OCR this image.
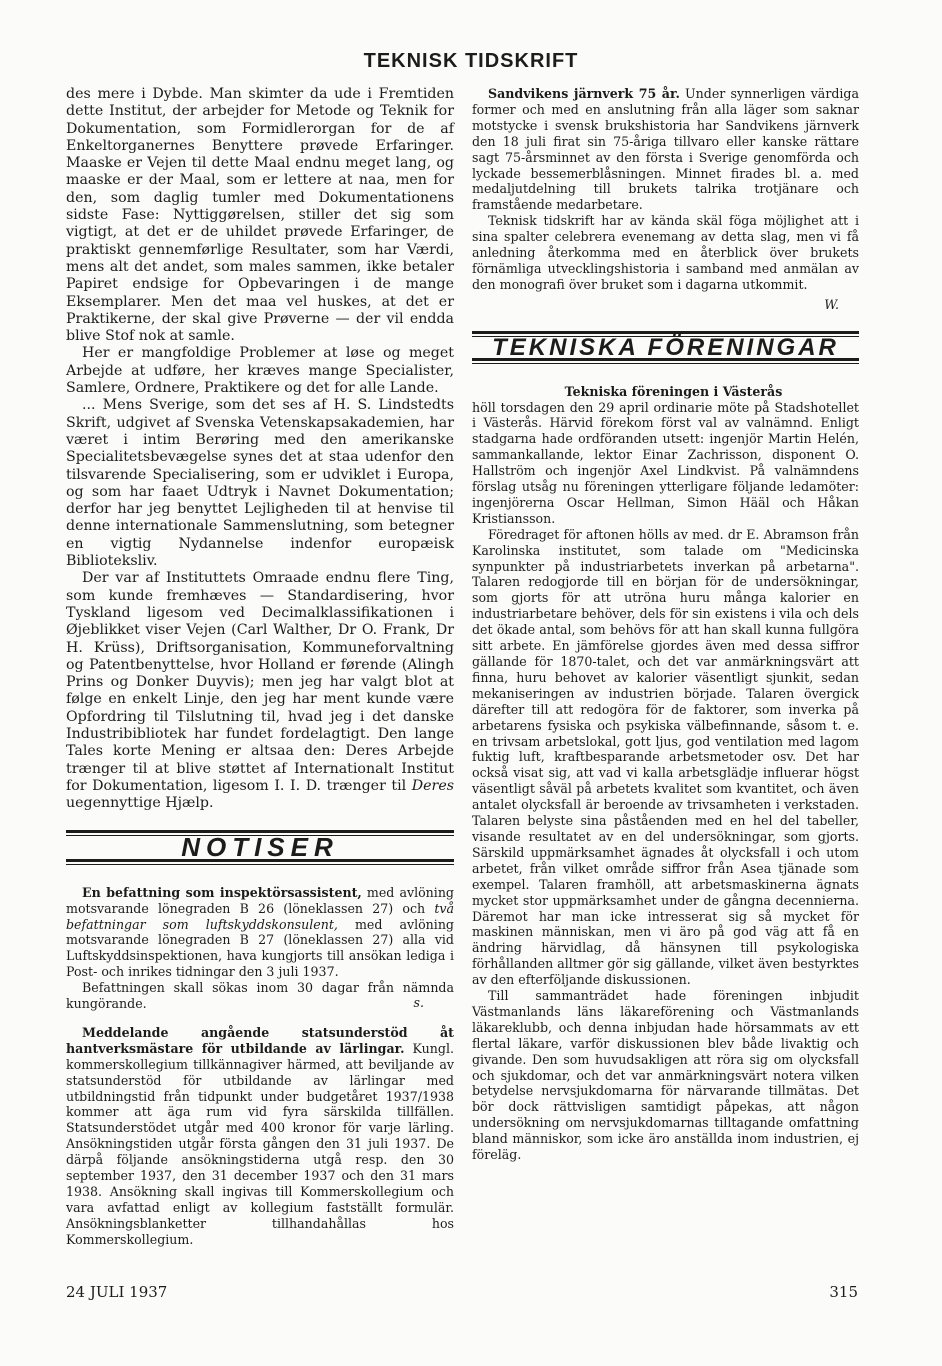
TEKNISK TIDSKRIFT

des mere i Dybde. Man skimter da ude i Fremtiden dette Institut, der arbejder for Metode og Teknik for Dokumentation, som Formidlerorgan for de af Enkeltorganernes Benyttere prøvede Erfaringer. Maaske er Vejen til dette Maal endnu meget lang, og maaske er der Maal, som er lettere at naa, men for den, som daglig tumler med Dokumentationens sidste Fase: Nyttiggørelsen, stiller det sig som vigtigt, at det er de uhildet prøvede Erfaringer, de praktiskt gennemførlige Resultater, som har Værdi, mens alt det andet, som males sammen, ikke betaler Papiret endsige for Opbevaringen i de mange Eksemplarer. Men det maa vel huskes, at det er Praktikerne, der skal give Prøverne — der vil endda blive Stof nok at samle.

Her er mangfoldige Problemer at løse og meget Arbejde at udføre, her kræves mange Specialister, Samlere, Ordnere, Praktikere og det for alle Lande.

... Mens Sverige, som det ses af H. S. Lindstedts Skrift, udgivet af Svenska Vetenskapsakademien, har været i intim Berøring med den amerikanske Specialitetsbevægelse synes det at staa udenfor den tilsvarende Specialisering, som er udviklet i Europa, og som har faaet Udtryk i Navnet Dokumentation; derfor har jeg benyttet Lejligheden til at henvise til denne internationale Sammenslutning, som betegner en vigtig Nydannelse indenfor europæisk Biblioteksliv.

Der var af Instituttets Omraade endnu flere Ting, som kunde fremhæves — Standardisering, hvor Tyskland ligesom ved Decimalklassifikationen i Øjeblikket viser Vejen (Carl Walther, Dr O. Frank, Dr H. Krüss), Driftsorganisation, Kommuneforvaltning og Patentbenyttelse, hvor Holland er førende (Alingh Prins og Donker Duyvis); men jeg har valgt blot at følge en enkelt Linje, den jeg har ment kunde være Opfordring til Tilslutning til, hvad jeg i det danske Industribibliotek har fundet fordelagtigt. Den lange Tales korte Mening er altsaa den: Deres Arbejde trænger til at blive støttet af Internationalt Institut for Dokumentation, ligesom I. I. D. trænger til Deres uegennyttige Hjælp.

NOTISER

En befattning som inspektörsassistent, med avlöning motsvarande lönegraden B 26 (löneklassen 27) och två befattningar som luftskyddskonsulent, med avlöning motsvarande lönegraden B 27 (löneklassen 27) alla vid Luftskyddsinspektionen, hava kungjorts till ansökan lediga i Post- och inrikes tidningar den 3 juli 1937.

Befattningen skall sökas inom 30 dagar från nämnda kungörande.	s.

Meddelande angående statsunderstöd åt hantverksmästare för utbildande av lärlingar. Kungl. kommerskollegium tillkännagiver härmed, att beviljande av statsunderstöd för utbildande av lärlingar med utbildningstid från tidpunkt under budgetåret 1937/1938 kommer att äga rum vid fyra särskilda tillfällen. Statsunderstödet utgår med 400 kronor för varje lärling. Ansökningstiden utgår första gången den 31 juli 1937. De därpå följande ansökningstiderna utgå resp. den 30 september 1937, den 31 december 1937 och den 31 mars 1938. Ansökning skall ingivas till Kommerskollegium och vara avfattad enligt av kollegium fastställt formulär. Ansökningsblanketter tillhandahållas hos Kommerskollegium.

Sandvikens järnverk 75 år. Under synnerligen värdiga former och med en anslutning från alla läger som saknar motstycke i svensk brukshistoria har Sandvikens järnverk den 18 juli firat sin 75-åriga tillvaro eller kanske rättare sagt 75-årsminnet av den första i Sverige genomförda och lyckade bessemerblåsningen. Minnet firades bl. a. med medaljutdelning till brukets talrika trotjänare och framstående medarbetare.

Teknisk tidskrift har av kända skäl föga möjlighet att i sina spalter celebrera evenemang av detta slag, men vi få anledning återkomma med en återblick över brukets förnämliga utvecklingshistoria i samband med anmälan av den monografi över bruket som i dagarna utkommit.

W.

TEKNISKA FÖRENINGAR

Tekniska föreningen i Västerås

höll torsdagen den 29 april ordinarie möte på Stadshotellet i Västerås. Härvid förekom först val av valnämnd. Enligt stadgarna hade ordföranden utsett: ingenjör Martin Helén, sammankallande, lektor Einar Zachrisson, disponent O. Hallström och ingenjör Axel Lindkvist. På valnämndens förslag utsåg nu föreningen ytterligare följande ledamöter: ingenjörerna Oscar Hellman, Simon Hääl och Håkan Kristiansson.

Föredraget för aftonen hölls av med. dr E. Abramson från Karolinska institutet, som talade om "Medicinska synpunkter på industriarbetets inverkan på arbetarna". Talaren redogjorde till en början för de undersökningar, som gjorts för att utröna huru många kalorier en industriarbetare behöver, dels för sin existens i vila och dels det ökade antal, som behövs för att han skall kunna fullgöra sitt arbete. En jämförelse gjordes även med dessa siffror gällande för 1870-talet, och det var anmärkningsvärt att finna, huru behovet av kalorier väsentligt sjunkit, sedan mekaniseringen av industrien började. Talaren övergick därefter till att redogöra för de faktorer, som inverka på arbetarens fysiska och psykiska välbefinnande, såsom t. e. en trivsam arbetslokal, gott ljus, god ventilation med lagom fuktig luft, kraftbesparande arbetsmetoder osv. Det har också visat sig, att vad vi kalla arbetsglädje influerar högst väsentligt såväl på arbetets kvalitet som kvantitet, och även antalet olycksfall är beroende av trivsamheten i verkstaden. Talaren belyste sina påståenden med en hel del tabeller, visande resultatet av en del undersökningar, som gjorts. Särskild uppmärksamhet ägnades åt olycksfall i och utom arbetet, från vilket område siffror från Asea tjänade som exempel. Talaren framhöll, att arbetsmaskinerna ägnats mycket stor uppmärksamhet under de gångna decennierna. Däremot har man icke intresserat sig så mycket för maskinen människan, men vi äro på god väg att få en ändring härvidlag, då hänsynen till psykologiska förhållanden alltmer gör sig gällande, vilket även bestyrktes av den efterföljande diskussionen.

Till sammanträdet hade föreningen inbjudit Västmanlands läns läkareförening och Västmanlands läkareklubb, och denna inbjudan hade hörsammats av ett flertal läkare, varför diskussionen blev både livaktig och givande. Den som huvudsakligen att röra sig om olycksfall och sjukdomar, och det var anmärkningsvärt notera vilken betydelse nervsjukdomarna för närvarande tillmätas. Det bör dock rättvisligen samtidigt påpekas, att någon undersökning om nervsjukdomarnas tilltagande omfattning bland människor, som icke äro anställda inom industrien, ej föreläg.

24 JULI 1937	315
